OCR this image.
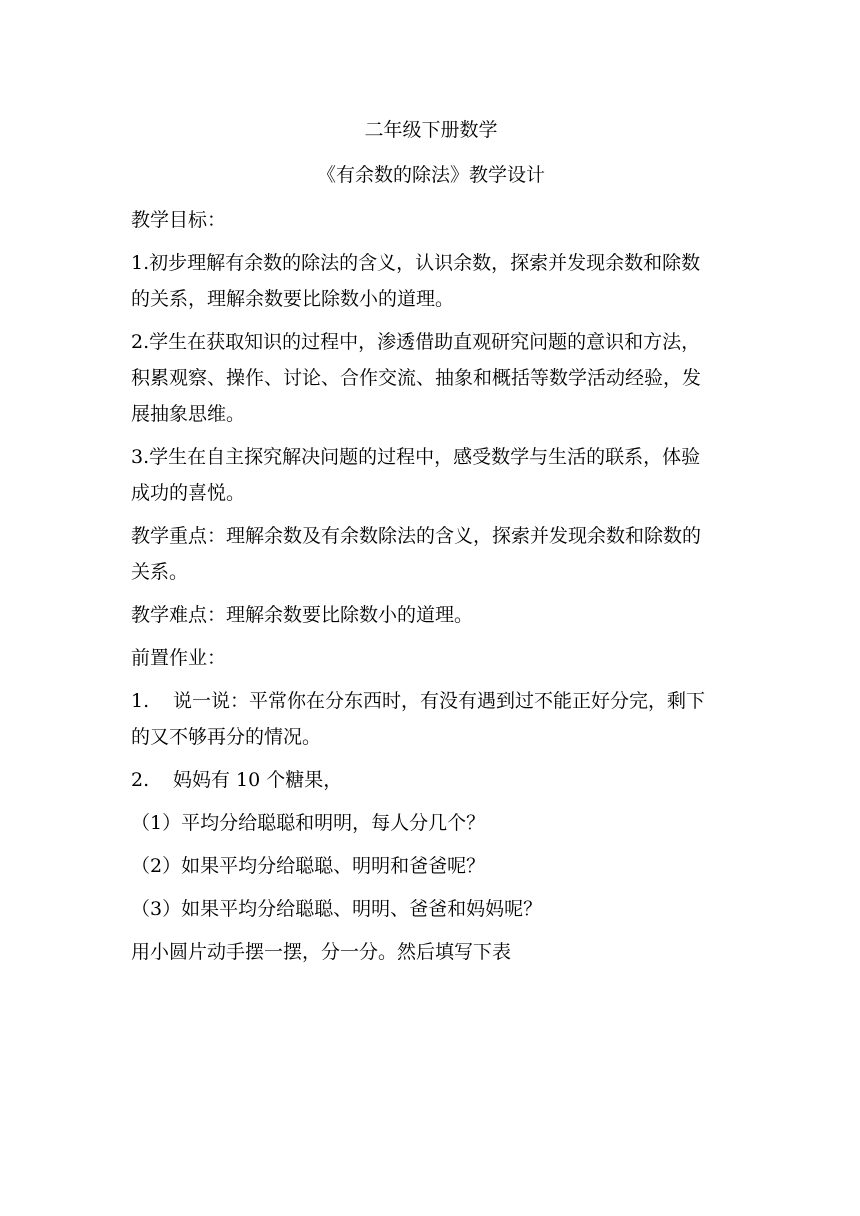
二年级下册数学
《有余数的除法》教学设计
教学目标：
1.初步理解有余数的除法的含义，认识余数，探索并发现余数和除数
的关系，理解余数要比除数小的道理。
2.学生在获取知识的过程中，渗透借助直观研究问题的意识和方法，
积累观察、操作、讨论、合作交流、抽象和概括等数学活动经验，发
展抽象思维。
3.学生在自主探究解决问题的过程中，感受数学与生活的联系，体验
成功的喜悦。
教学重点：理解余数及有余数除法的含义，探索并发现余数和除数的
关系。
教学难点：理解余数要比除数小的道理。
前置作业：
1. 说一说：平常你在分东西时，有没有遇到过不能正好分完，剩下
的又不够再分的情况。
2. 妈妈有 10 个糖果，
（1）平均分给聪聪和明明，每人分几个？
（2）如果平均分给聪聪、明明和爸爸呢？
（3）如果平均分给聪聪、明明、爸爸和妈妈呢？
用小圆片动手摆一摆，分一分。然后填写下表
